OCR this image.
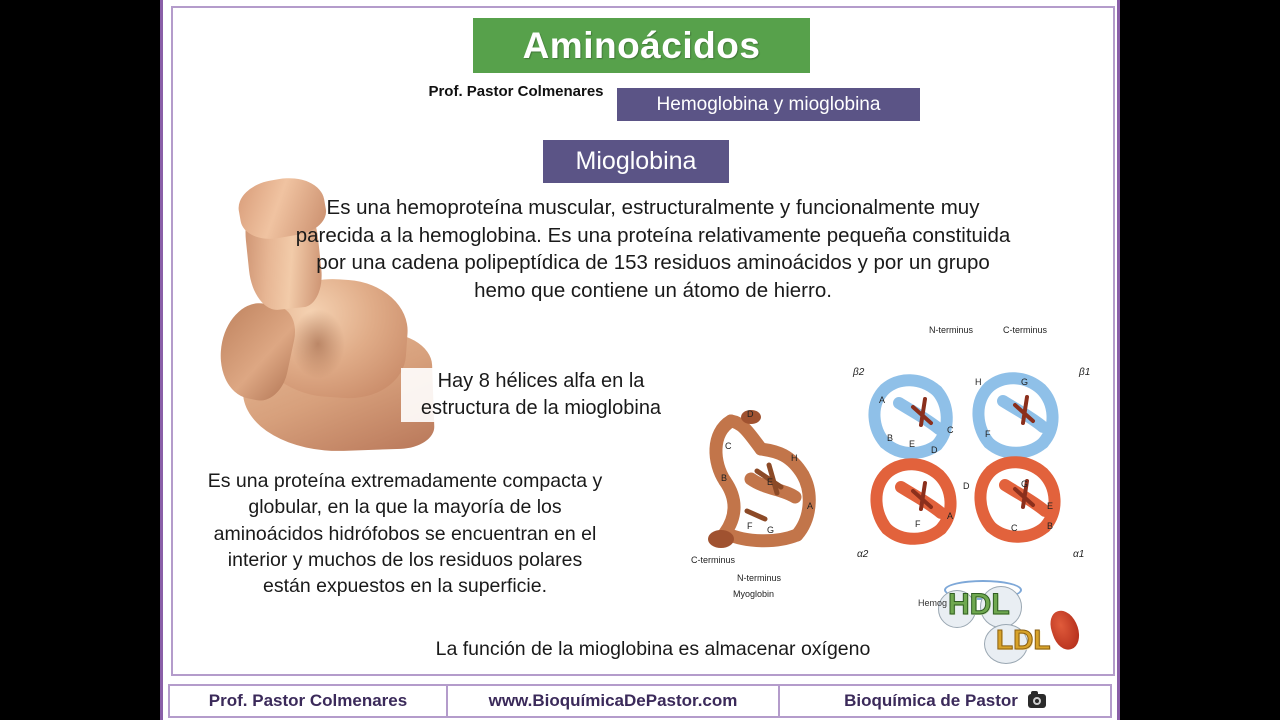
Aminoácidos
Prof. Pastor Colmenares
Hemoglobina y mioglobina
Mioglobina
Es una hemoproteína muscular, estructuralmente y funcionalmente muy parecida a la hemoglobina. Es una proteína relativamente pequeña constituida por una cadena polipeptídica de 153 residuos aminoácidos y por un grupo hemo que contiene un átomo de hierro.
Hay 8 hélices alfa en la estructura de la mioglobina
Es una proteína extremadamente compacta y globular, en la que la mayoría de los aminoácidos hidrófobos se encuentran en el interior y muchos de los residuos polares están expuestos en la superficie.
La función de la mioglobina es almacenar oxígeno
D
C
B	E
A
F G
H
C-terminus
N-terminus
Myoglobin
N-terminus	C-terminus
β2	β1
α2	α1
A
B
E
D
C
H	G
F
D
F
A
G
E
B
C
Hemog HDL
LDL
Prof. Pastor Colmenares	www.BioquímicaDePastor.com	Bioquímica de Pastor
